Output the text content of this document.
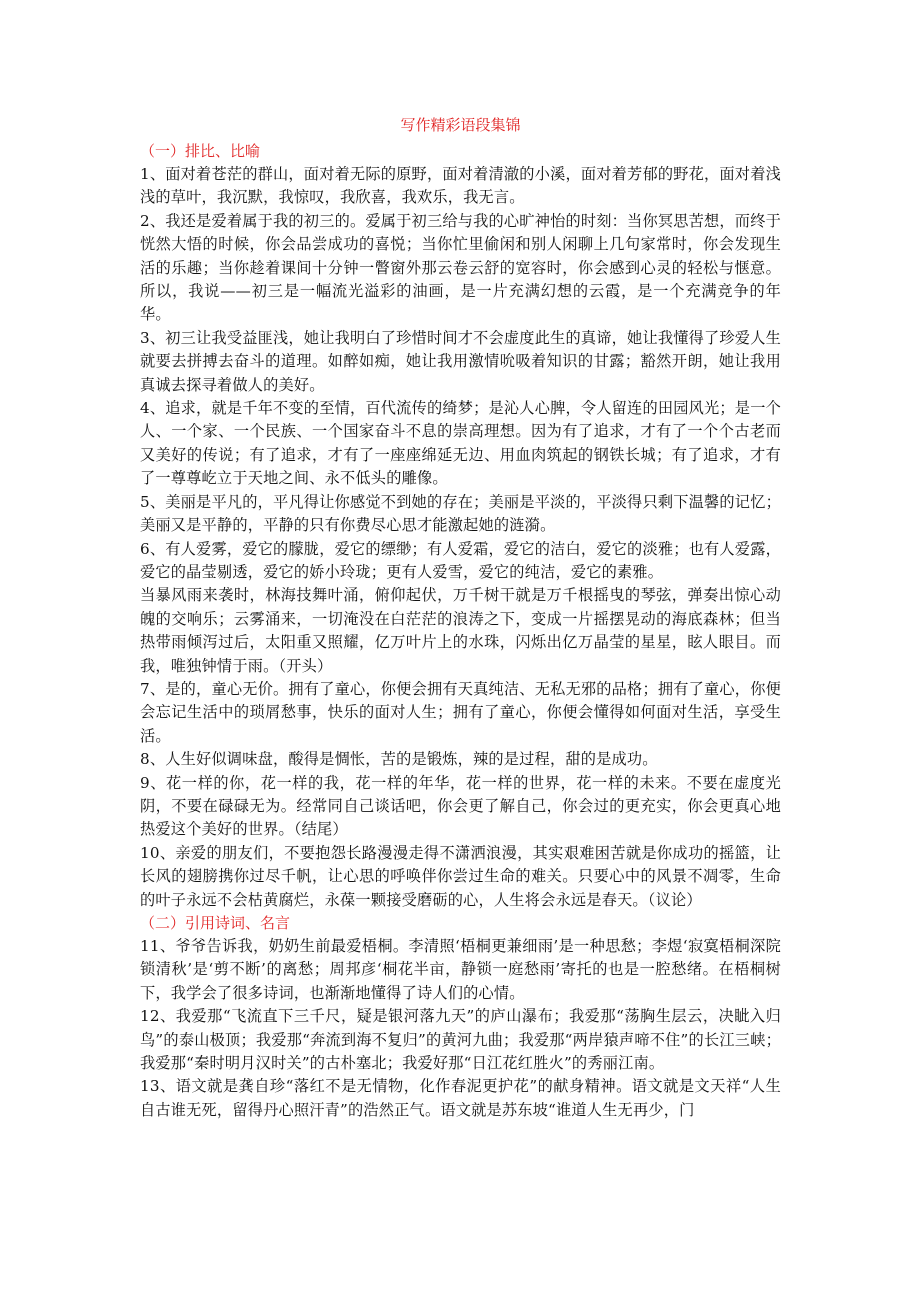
写作精彩语段集锦
（一）排比、比喻

1、面对着苍茫的群山，面对着无际的原野，面对着清澈的小溪，面对着芳郁的野花，面对着浅浅的草叶，我沉默，我惊叹，我欣喜，我欢乐，我无言。

2、我还是爱着属于我的初三的。爱属于初三给与我的心旷神怡的时刻：当你冥思苦想，而终于恍然大悟的时候，你会品尝成功的喜悦；当你忙里偷闲和别人闲聊上几句家常时，你会发现生活的乐趣；当你趁着课间十分钟一瞥窗外那云卷云舒的宽容时，你会感到心灵的轻松与惬意。所以，我说——初三是一幅流光溢彩的油画，是一片充满幻想的云霞，是一个充满竞争的年华。

3、初三让我受益匪浅，她让我明白了珍惜时间才不会虚度此生的真谛，她让我懂得了珍爱人生就要去拼搏去奋斗的道理。如醉如痴，她让我用激情吮吸着知识的甘露；豁然开朗，她让我用真诚去探寻着做人的美好。

4、追求，就是千年不变的至情，百代流传的绮梦；是沁人心脾，令人留连的田园风光；是一个人、一个家、一个民族、一个国家奋斗不息的崇高理想。因为有了追求，才有了一个个古老而又美好的传说；有了追求，才有了一座座绵延无边、用血肉筑起的钢铁长城；有了追求，才有了一尊尊屹立于天地之间、永不低头的雕像。

5、美丽是平凡的，平凡得让你感觉不到她的存在；美丽是平淡的，平淡得只剩下温馨的记忆；美丽又是平静的，平静的只有你费尽心思才能激起她的涟漪。

6、有人爱雾，爱它的朦胧，爱它的缥缈；有人爱霜，爱它的洁白，爱它的淡雅；也有人爱露，爱它的晶莹剔透，爱它的娇小玲珑；更有人爱雪，爱它的纯洁，爱它的素雅。

当暴风雨来袭时，林海技舞叶涌，俯仰起伏，万千树干就是万千根摇曳的琴弦，弹奏出惊心动魄的交响乐；云雾涌来，一切淹没在白茫茫的浪涛之下，变成一片摇摆晃动的海底森林；但当热带雨倾泻过后，太阳重又照耀，亿万叶片上的水珠，闪烁出亿万晶莹的星星，眩人眼目。而我，唯独钟情于雨。（开头）

7、是的，童心无价。拥有了童心，你便会拥有天真纯洁、无私无邪的品格；拥有了童心，你便会忘记生活中的琐屑愁事，快乐的面对人生；拥有了童心，你便会懂得如何面对生活，享受生活。

8、人生好似调味盘，酸得是惆怅，苦的是锻炼，辣的是过程，甜的是成功。

9、花一样的你，花一样的我，花一样的年华，花一样的世界，花一样的未来。不要在虚度光阴，不要在碌碌无为。经常同自己谈话吧，你会更了解自己，你会过的更充实，你会更真心地热爱这个美好的世界。（结尾）

10、亲爱的朋友们，不要抱怨长路漫漫走得不潇洒浪漫，其实艰难困苦就是你成功的摇篮，让长风的翅膀携你过尽千帆，让心思的呼唤伴你尝过生命的难关。只要心中的风景不凋零，生命的叶子永远不会枯黄腐烂，永葆一颗接受磨砺的心，人生将会永远是春天。（议论）

（二）引用诗词、名言

11、爷爷告诉我，奶奶生前最爱梧桐。李清照‘梧桐更兼细雨’是一种思愁；李煜‘寂寞梧桐深院锁清秋’是‘剪不断’的离愁；周邦彦‘桐花半亩，静锁一庭愁雨’寄托的也是一腔愁绪。在梧桐树下，我学会了很多诗词，也渐渐地懂得了诗人们的心情。

12、我爱那“飞流直下三千尺，疑是银河落九天”的庐山瀑布；我爱那“荡胸生层云，决眦入归鸟”的泰山极顶；我爱那“奔流到海不复归”的黄河九曲；我爱那“两岸猿声啼不住”的长江三峡；我爱那“秦时明月汉时关”的古朴塞北；我爱好那“日江花红胜火”的秀丽江南。

13、语文就是龚自珍“落红不是无情物，化作春泥更护花”的献身精神。语文就是文天祥“人生自古谁无死，留得丹心照汗青”的浩然正气。语文就是苏东坡“谁道人生无再少，门
